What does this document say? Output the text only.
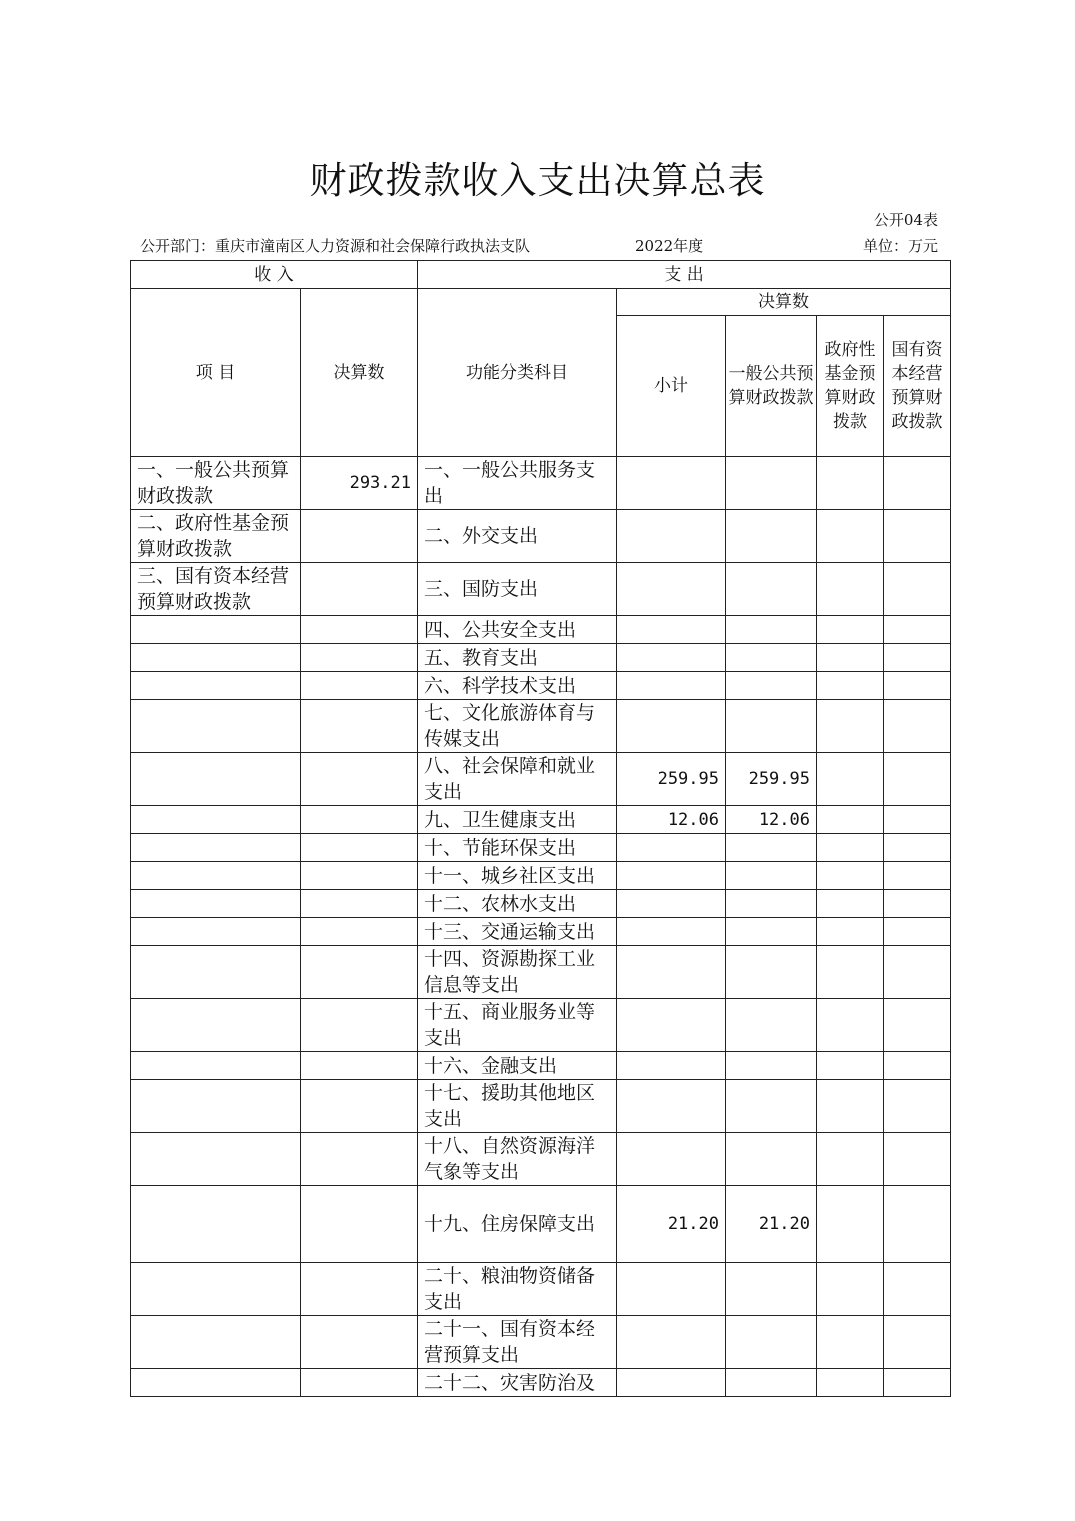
财政拨款收入支出决算总表
公开04表
公开部门：重庆市潼南区人力资源和社会保障行政执法支队	2022年度	单位：万元
收 入		支 出				
项 目	决算数	功能分类科目	决算数			
			小计	一般公共预算财政拨款	政府性基金预算财政拨款	国有资本经营预算财政拨款
一、一般公共预算财政拨款	293.21	一、一般公共服务支出				
二、政府性基金预算财政拨款		二、外交支出				
三、国有资本经营预算财政拨款		三、国防支出				
		四、公共安全支出				
		五、教育支出				
		六、科学技术支出				
		七、文化旅游体育与传媒支出				
		八、社会保障和就业支出	259.95	259.95		
		九、卫生健康支出	12.06	12.06		
		十、节能环保支出				
		十一、城乡社区支出				
		十二、农林水支出				
		十三、交通运输支出				
		十四、资源勘探工业信息等支出				
		十五、商业服务业等支出				
		十六、金融支出				
		十七、援助其他地区支出				
		十八、自然资源海洋气象等支出				
		十九、住房保障支出	21.20	21.20		
		二十、粮油物资储备支出				
		二十一、国有资本经营预算支出				
		二十二、灾害防治及				
